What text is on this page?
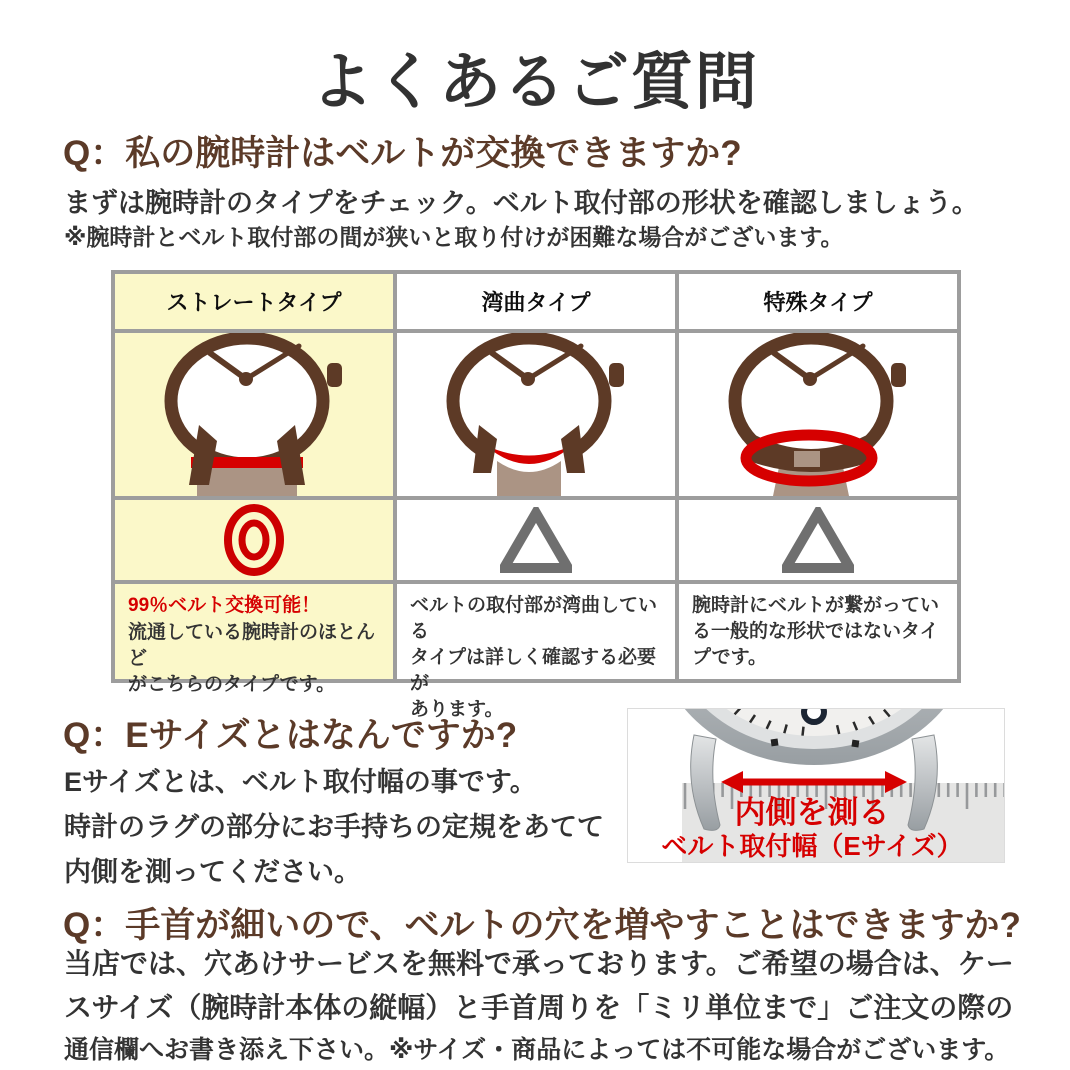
よくあるご質問
Q：私の腕時計はベルトが交換できますか?
まずは腕時計のタイプをチェック。ベルト取付部の形状を確認しましょう。
※腕時計とベルト取付部の間が狭いと取り付けが困難な場合がございます。
ストレートタイプ	湾曲タイプ	特殊タイプ
99％ベルト交換可能！
流通している腕時計のほとんど
がこちらのタイプです。
ベルトの取付部が湾曲している
タイプは詳しく確認する必要が
あります。
腕時計にベルトが繋がってい
る一般的な形状ではないタイ
プです。
Q：Eサイズとはなんですか?
Eサイズとは、ベルト取付幅の事です。
時計のラグの部分にお手持ちの定規をあてて
内側を測ってください。
内側を測る
ベルト取付幅（Eサイズ）
Q：手首が細いので、ベルトの穴を増やすことはできますか?
当店では、穴あけサービスを無料で承っております。ご希望の場合は、ケー
スサイズ（腕時計本体の縦幅）と手首周りを「ミリ単位まで」ご注文の際の
通信欄へお書き添え下さい。※サイズ・商品によっては不可能な場合がございます。
